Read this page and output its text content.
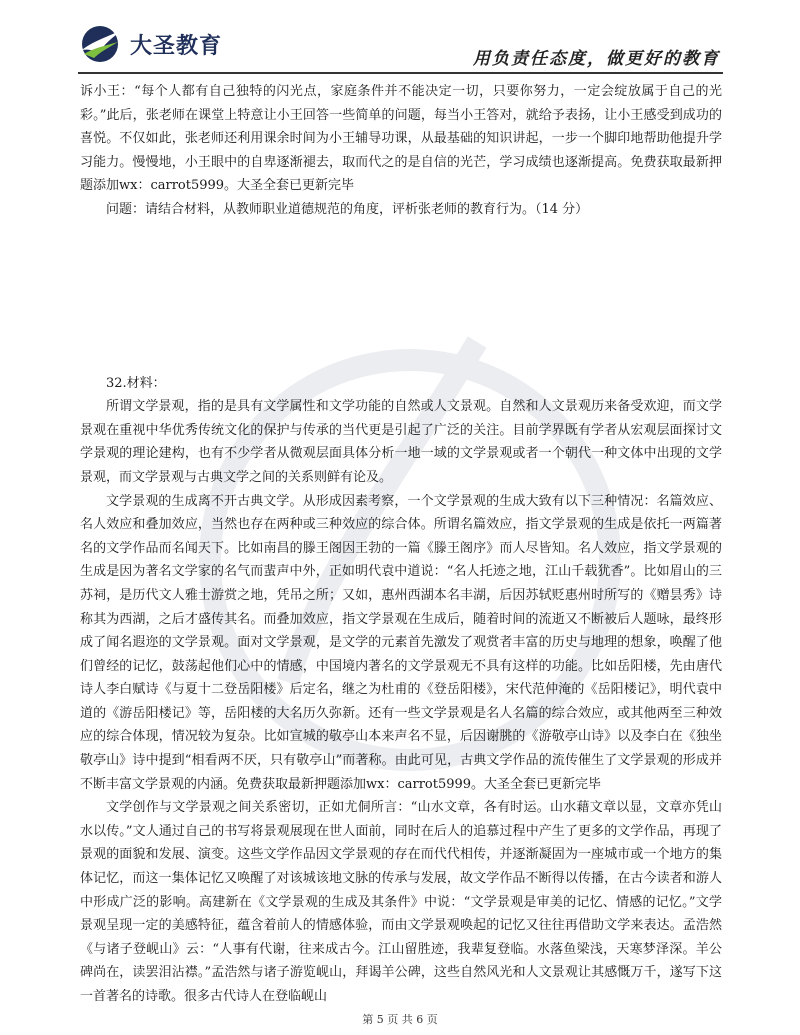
大圣教育
用负责任态度，做更好的教育

诉小王：“每个人都有自己独特的闪光点，家庭条件并不能决定一切，只要你努力，一定会绽放属于自己的光彩。”此后，张老师在课堂上特意让小王回答一些简单的问题，每当小王答对，就给予表扬，让小王感受到成功的喜悦。不仅如此，张老师还利用课余时间为小王辅导功课，从最基础的知识讲起，一步一个脚印地帮助他提升学习能力。慢慢地，小王眼中的自卑逐渐褪去，取而代之的是自信的光芒，学习成绩也逐渐提高。免费获取最新押题添加wx：carrot5999。大圣全套已更新完毕

问题：请结合材料，从教师职业道德规范的角度，评析张老师的教育行为。（14 分）

32.材料：

所谓文学景观，指的是具有文学属性和文学功能的自然或人文景观。自然和人文景观历来备受欢迎，而文学景观在重视中华优秀传统文化的保护与传承的当代更是引起了广泛的关注。目前学界既有学者从宏观层面探讨文学景观的理论建构，也有不少学者从微观层面具体分析一地一域的文学景观或者一个朝代一种文体中出现的文学景观，而文学景观与古典文学之间的关系则鲜有论及。

文学景观的生成离不开古典文学。从形成因素考察，一个文学景观的生成大致有以下三种情况：名篇效应、名人效应和叠加效应，当然也存在两种或三种效应的综合体。所谓名篇效应，指文学景观的生成是依托一两篇著名的文学作品而名闻天下。比如南昌的滕王阁因王勃的一篇《滕王阁序》而人尽皆知。名人效应，指文学景观的生成是因为著名文学家的名气而蜚声中外，正如明代袁中道说：“名人托迹之地，江山千载犹香”。比如眉山的三苏祠，是历代文人雅士游赏之地，凭吊之所；又如，惠州西湖本名丰湖，后因苏轼贬惠州时所写的《赠昙秀》诗称其为西湖，之后才盛传其名。而叠加效应，指文学景观在生成后，随着时间的流逝又不断被后人题咏，最终形成了闻名遐迩的文学景观。面对文学景观，是文学的元素首先激发了观赏者丰富的历史与地理的想象，唤醒了他们曾经的记忆，鼓荡起他们心中的情感，中国境内著名的文学景观无不具有这样的功能。比如岳阳楼，先由唐代诗人李白赋诗《与夏十二登岳阳楼》后定名，继之为杜甫的《登岳阳楼》，宋代范仲淹的《岳阳楼记》，明代袁中道的《游岳阳楼记》等，岳阳楼的大名历久弥新。还有一些文学景观是名人名篇的综合效应，或其他两至三种效应的综合体现，情况较为复杂。比如宣城的敬亭山本来声名不显，后因谢朓的《游敬亭山诗》以及李白在《独坐敬亭山》诗中提到“相看两不厌，只有敬亭山”而著称。由此可见，古典文学作品的流传催生了文学景观的形成并不断丰富文学景观的内涵。免费获取最新押题添加wx：carrot5999。大圣全套已更新完毕

文学创作与文学景观之间关系密切，正如尤侗所言：“山水文章，各有时运。山水藉文章以显，文章亦凭山水以传。”文人通过自己的书写将景观展现在世人面前，同时在后人的追慕过程中产生了更多的文学作品，再现了景观的面貌和发展、演变。这些文学作品因文学景观的存在而代代相传，并逐渐凝固为一座城市或一个地方的集体记忆，而这一集体记忆又唤醒了对该城该地文脉的传承与发展，故文学作品不断得以传播，在古今读者和游人中形成广泛的影响。高建新在《文学景观的生成及其条件》中说：“文学景观是审美的记忆、情感的记忆。”文学景观呈现一定的美感特征，蕴含着前人的情感体验，而由文学景观唤起的记忆又往往再借助文学来表达。孟浩然《与诸子登岘山》云：“人事有代谢，往来成古今。江山留胜迹，我辈复登临。水落鱼梁浅，天寒梦泽深。羊公碑尚在，读罢泪沾襟。”孟浩然与诸子游览岘山，拜谒羊公碑，这些自然风光和人文景观让其感慨万千，遂写下这一首著名的诗歌。很多古代诗人在登临岘山

第 5 页 共 6 页
